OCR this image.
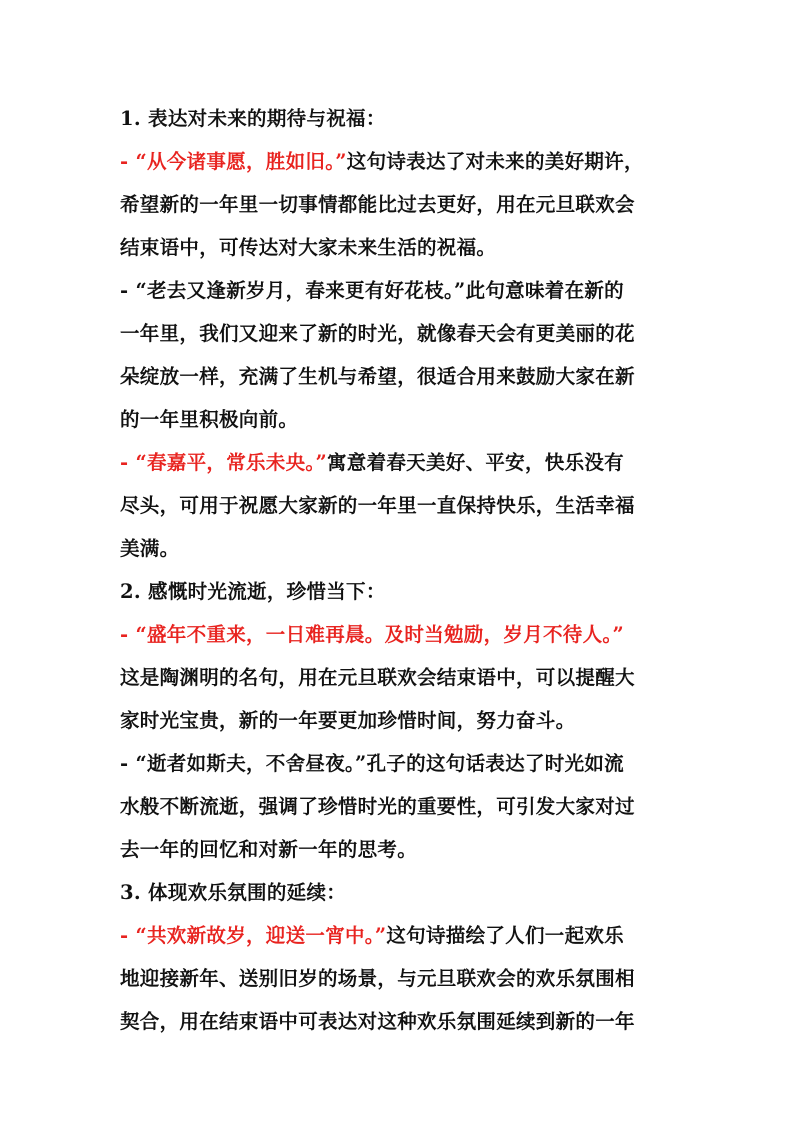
1. 表达对未来的期待与祝福：
- “从今诸事愿，胜如旧。”这句诗表达了对未来的美好期许，
希望新的一年里一切事情都能比过去更好，用在元旦联欢会
结束语中，可传达对大家未来生活的祝福。
- “老去又逢新岁月，春来更有好花枝。”此句意味着在新的
一年里，我们又迎来了新的时光，就像春天会有更美丽的花
朵绽放一样，充满了生机与希望，很适合用来鼓励大家在新
的一年里积极向前。
- “春嘉平，常乐未央。”寓意着春天美好、平安，快乐没有
尽头，可用于祝愿大家新的一年里一直保持快乐，生活幸福
美满。
2. 感慨时光流逝，珍惜当下：
- “盛年不重来，一日难再晨。及时当勉励，岁月不待人。”
这是陶渊明的名句，用在元旦联欢会结束语中，可以提醒大
家时光宝贵，新的一年要更加珍惜时间，努力奋斗。
- “逝者如斯夫，不舍昼夜。”孔子的这句话表达了时光如流
水般不断流逝，强调了珍惜时光的重要性，可引发大家对过
去一年的回忆和对新一年的思考。
3. 体现欢乐氛围的延续：
- “共欢新故岁，迎送一宵中。”这句诗描绘了人们一起欢乐
地迎接新年、送别旧岁的场景，与元旦联欢会的欢乐氛围相
契合，用在结束语中可表达对这种欢乐氛围延续到新的一年
